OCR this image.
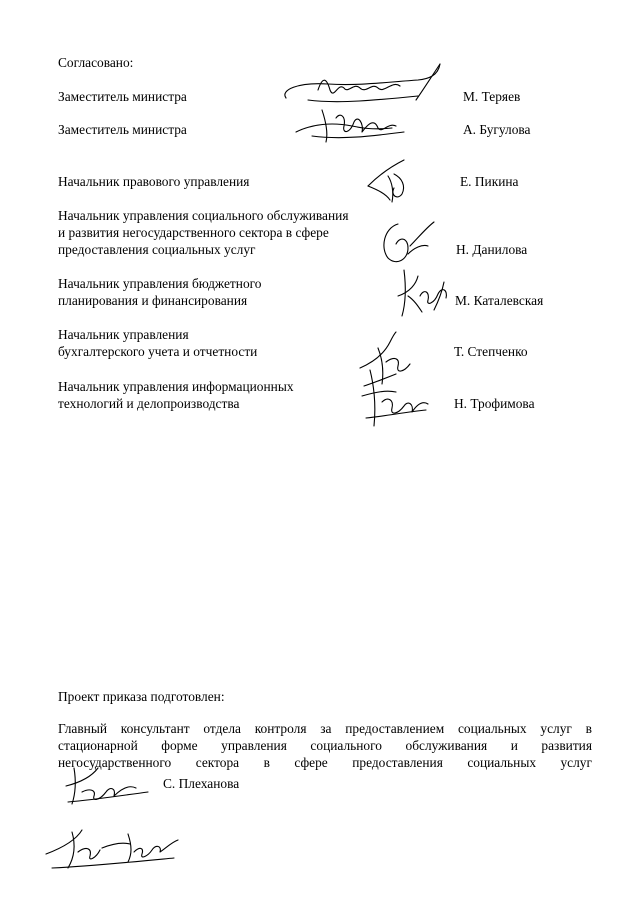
Согласовано:
Заместитель министра	М. Теряев
Заместитель министра	А. Бугулова
Начальник правового управления	Е. Пикина
Начальник управления социального обслуживания
и развития негосударственного сектора в сфере
предоставления социальных услуг	Н. Данилова
Начальник управления бюджетного
планирования и финансирования	М. Каталевская
Начальник управления
бухгалтерского учета и отчетности	Т. Степченко
Начальник управления информационных
технологий и делопроизводства	Н. Трофимова
Проект приказа подготовлен:
Главный консультант отдела контроля за предоставлением социальных услуг в
стационарной форме управления социального обслуживания и развития
негосударственного сектора в сфере предоставления социальных услуг
С. Плеханова
